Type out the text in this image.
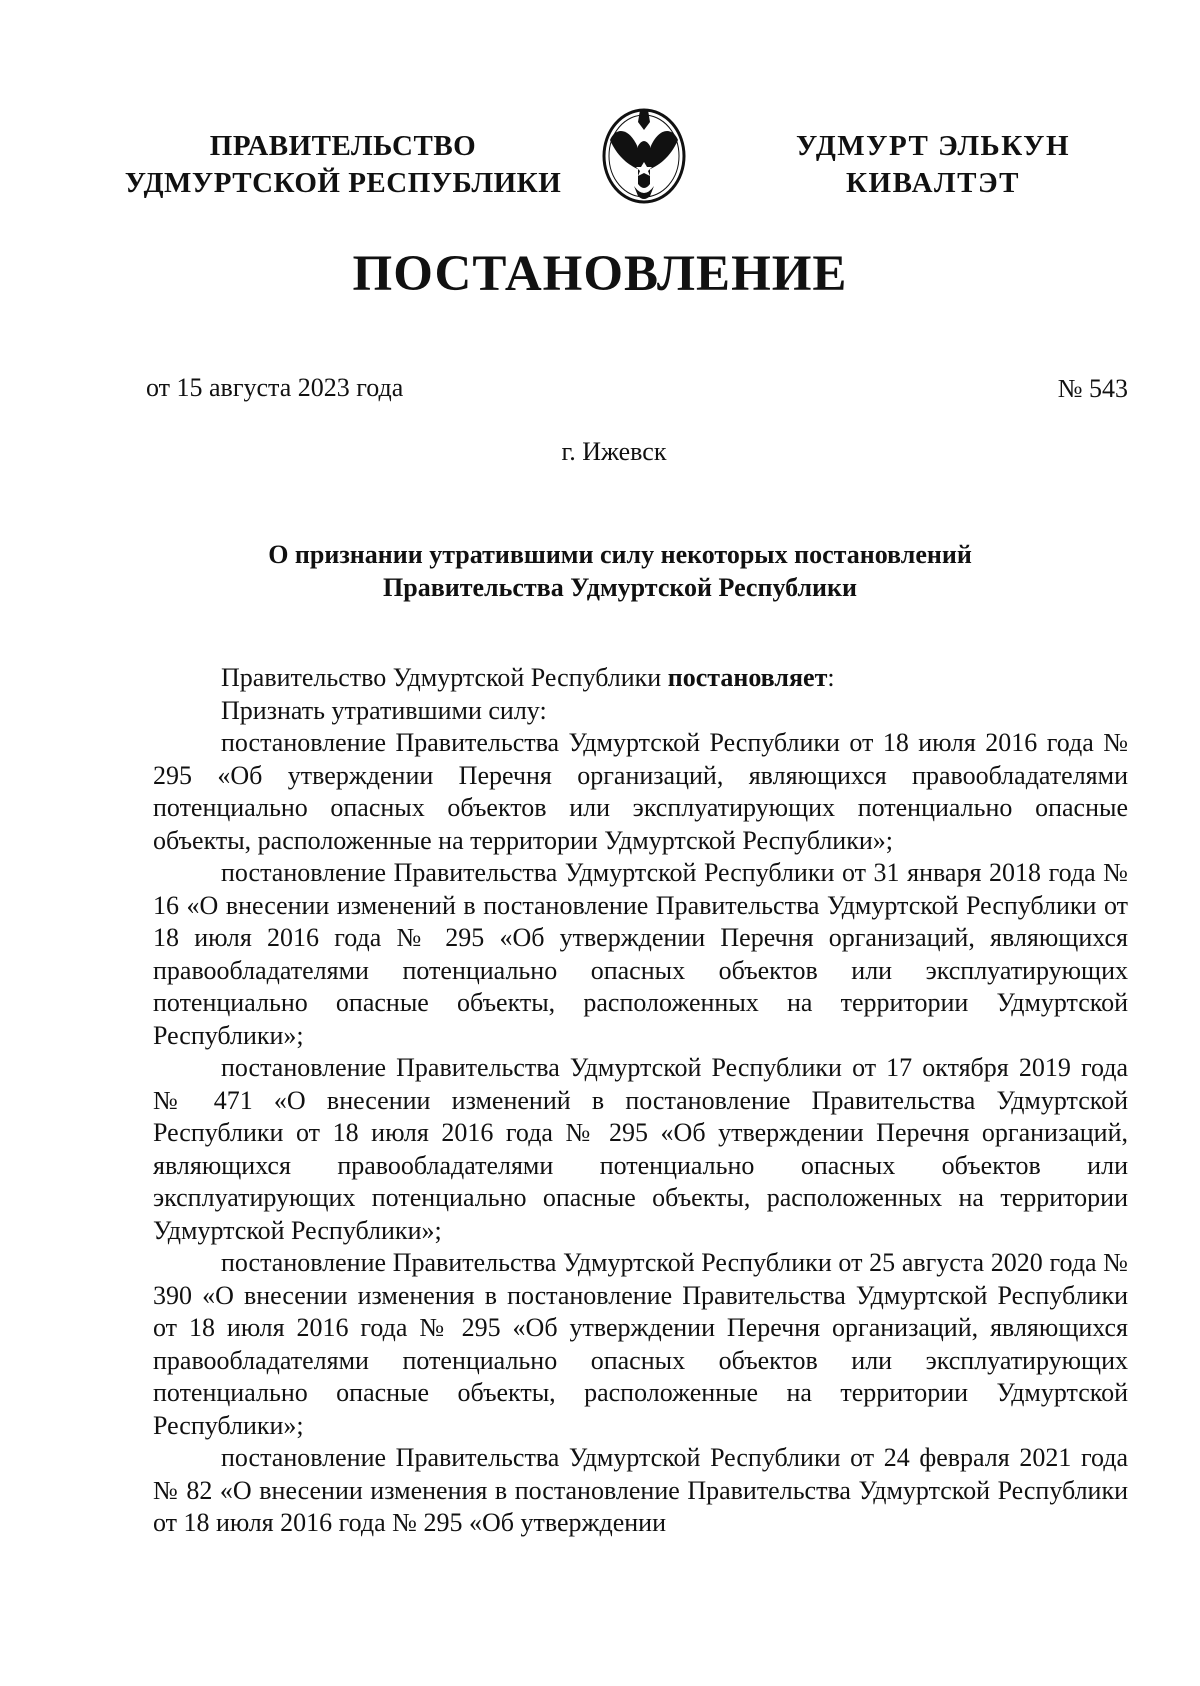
ПРАВИТЕЛЬСТВО
УДМУРТСКОЙ РЕСПУБЛИКИ
УДМУРТ ЭЛЬКУН
КИВАЛТЭТ
ПОСТАНОВЛЕНИЕ
от 15 августа 2023 года	№ 543
г. Ижевск
О признании утратившими силу некоторых постановлений
Правительства Удмуртской Республики

Правительство Удмуртской Республики постановляет:

Признать утратившими силу:

постановление Правительства Удмуртской Республики от 18 июля 2016 года № 295 «Об утверждении Перечня организаций, являющихся правообладателями потенциально опасных объектов или эксплуатирующих потенциально опасные объекты, расположенные на территории Удмуртской Республики»;

постановление Правительства Удмуртской Республики от 31 января 2018 года № 16 «О внесении изменений в постановление Правительства Удмуртской Республики от 18 июля 2016 года № 295 «Об утверждении Перечня организаций, являющихся правообладателями потенциально опасных объектов или эксплуатирующих потенциально опасные объекты, расположенных на территории Удмуртской Республики»;

постановление Правительства Удмуртской Республики от 17 октября 2019 года № 471 «О внесении изменений в постановление Правительства Удмуртской Республики от 18 июля 2016 года № 295 «Об утверждении Перечня организаций, являющихся правообладателями потенциально опасных объектов или эксплуатирующих потенциально опасные объекты, расположенных на территории Удмуртской Республики»;

постановление Правительства Удмуртской Республики от 25 августа 2020 года № 390 «О внесении изменения в постановление Правительства Удмуртской Республики от 18 июля 2016 года № 295 «Об утверждении Перечня организаций, являющихся правообладателями потенциально опасных объектов или эксплуатирующих потенциально опасные объекты, расположенные на территории Удмуртской Республики»;

постановление Правительства Удмуртской Республики от 24 февраля 2021 года № 82 «О внесении изменения в постановление Правительства Удмуртской Республики от 18 июля 2016 года № 295 «Об утверждении
